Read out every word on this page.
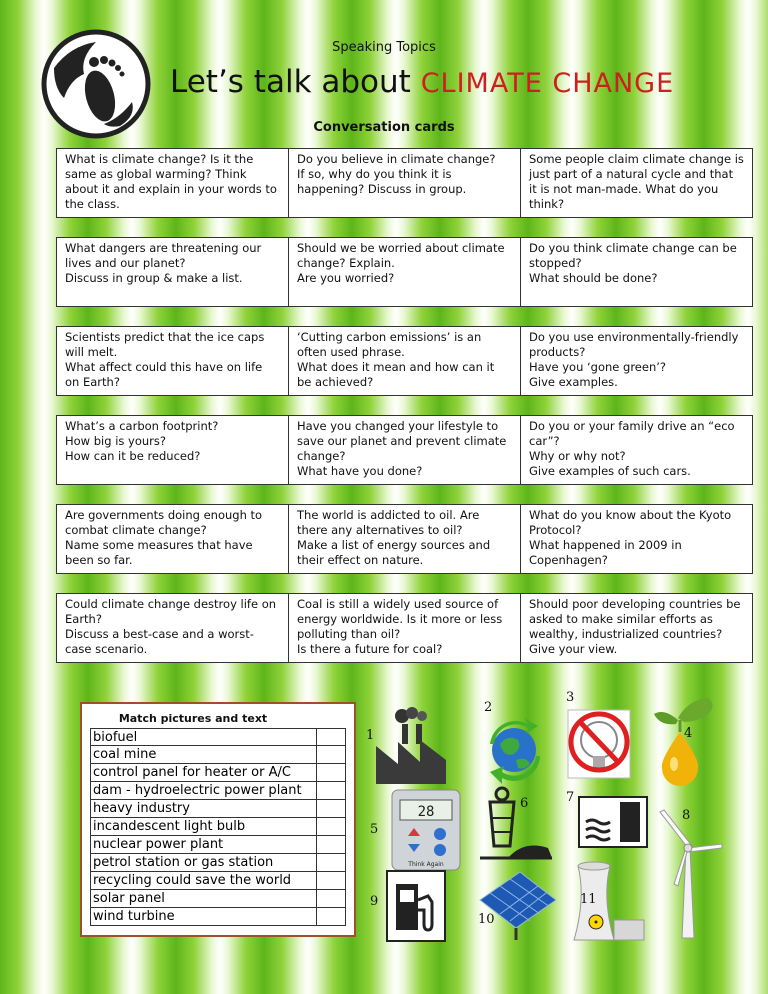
Speaking Topics
Let’s talk about CLIMATE CHANGE
Conversation cards

What is climate change? Is it the same as global warming? Think about it and explain in your words to the class.

Do you believe in climate change?

If so, why do you think it is happening? Discuss in group.

Some people claim climate change is just part of a natural cycle and that it is not man-made. What do you think?

What dangers are threatening our lives and our planet?

Discuss in group & make a list.

Should we be worried about climate change? Explain.

Are you worried?

Do you think climate change can be stopped?

What should be done?

Scientists predict that the ice caps will melt.

What affect could this have on life on Earth?

‘Cutting carbon emissions’ is an often used phrase.

What does it mean and how can it be achieved?

Do you use environmentally-friendly products?

Have you ‘gone green’?

Give examples.

What’s a carbon footprint?

How big is yours?

How can it be reduced?

Have you changed your lifestyle to save our planet and prevent climate change?

What have you done?

Do you or your family drive an “eco car”?

Why or why not?

Give examples of such cars.

Are governments doing enough to combat climate change?

Name some measures that have been so far.

The world is addicted to oil. Are there any alternatives to oil?

Make a list of energy sources and their effect on nature.

What do you know about the Kyoto Protocol?

What happened in 2009 in Copenhagen?

Could climate change destroy life on Earth?

Discuss a best-case and a worst-case scenario.

Coal is still a widely used source of energy worldwide. Is it more or less polluting than oil?

Is there a future for coal?

Should poor developing countries be asked to make similar efforts as wealthy, industrialized countries? Give your view.

Match pictures and text
biofuel
coal mine
control panel for heater or A/C
dam - hydroelectric power plant
heavy industry
incandescent light bulb
nuclear power plant
petrol station or gas station
recycling could save the world
solar panel
wind turbine
28
Think Again
1
2
3
4
5
6	7
8
9
10
11
